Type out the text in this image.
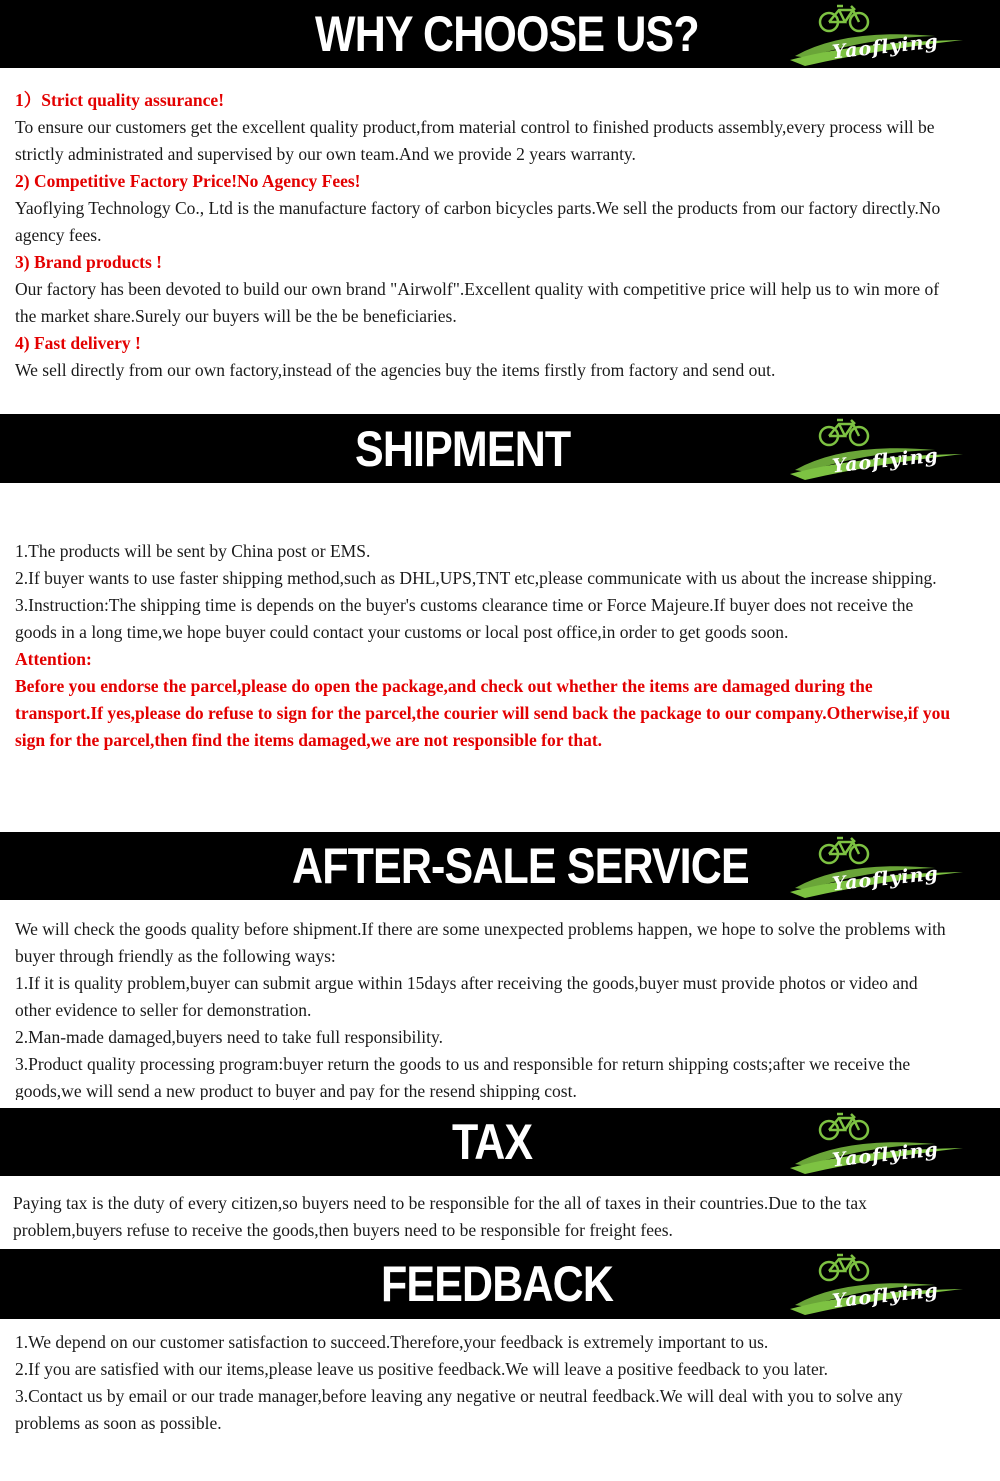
WHY CHOOSE US?	Yaoflying

1）Strict quality assurance!

To ensure our customers get the excellent quality product,from material control to finished products assembly,every process will be strictly administrated and supervised by our own team.And we provide 2 years warranty.

2) Competitive Factory Price!No Agency Fees!

Yaoflying Technology Co., Ltd is the manufacture factory of carbon bicycles parts.We sell the products from our factory directly.No agency fees.

3) Brand products !

Our factory has been devoted to build our own brand "Airwolf".Excellent quality with competitive price will help us to win more of the market share.Surely our buyers will be the be beneficiaries.

4) Fast delivery !

We sell directly from our own factory,instead of the agencies buy the items firstly from factory and send out.

SHIPMENT	Yaoflying

1.The products will be sent by China post or EMS.

2.If buyer wants to use faster shipping method,such as DHL,UPS,TNT etc,please communicate with us about the increase shipping.

3.Instruction:The shipping time is depends on the buyer's customs clearance time or Force Majeure.If buyer does not receive the goods in a long time,we hope buyer could contact your customs or local post office,in order to get goods soon.

Attention:

Before you endorse the parcel,please do open the package,and check out whether the items are damaged during the transport.If yes,please do refuse to sign for the parcel,the courier will send back the package to our company.Otherwise,if you sign for the parcel,then find the items damaged,we are not responsible for that.

AFTER-SALE SERVICE	Yaoflying

We will check the goods quality before shipment.If there are some unexpected problems happen, we hope to solve the problems with buyer through friendly as the following ways:

1.If it is quality problem,buyer can submit argue within 15days after receiving the goods,buyer must provide photos or video and other evidence to seller for demonstration.

2.Man-made damaged,buyers need to take full responsibility.

3.Product quality processing program:buyer return the goods to us and responsible for return shipping costs;after we receive the goods,we will send a new product to buyer and pay for the resend shipping cost.

TAX	Yaoflying

Paying tax is the duty of every citizen,so buyers need to be responsible for the all of taxes in their countries.Due to the tax problem,buyers refuse to receive the goods,then buyers need to be responsible for freight fees.

FEEDBACK	Yaoflying

1.We depend on our customer satisfaction to succeed.Therefore,your feedback is extremely important to us.

2.If you are satisfied with our items,please leave us positive feedback.We will leave a positive feedback to you later.

3.Contact us by email or our trade manager,before leaving any negative or neutral feedback.We will deal with you to solve any problems as soon as possible.
